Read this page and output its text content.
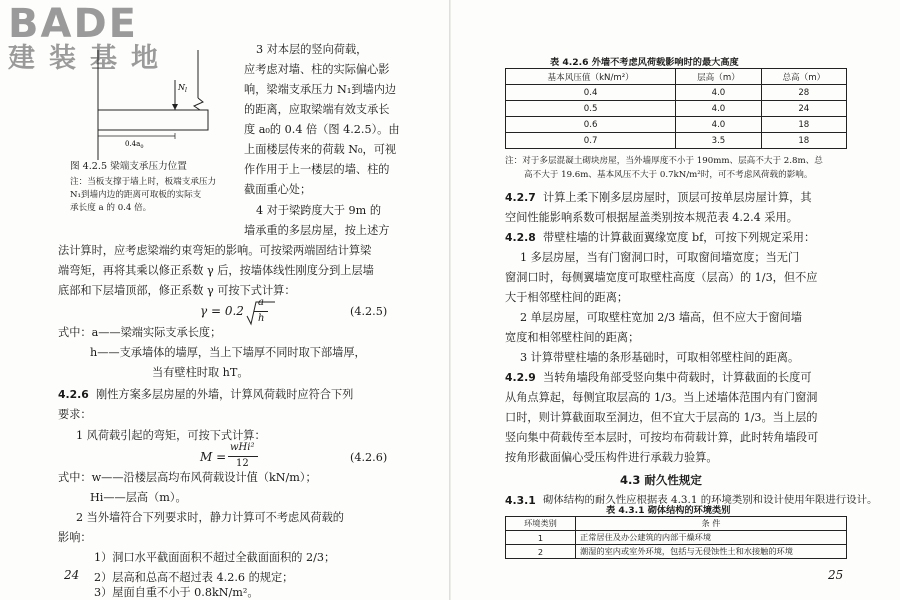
BADE
建装基地
$N_l$
$0.4a_0$
图 4.2.5 梁端支承压力位置
注：当板支撑于墙上时，板端支承压力
N₁到墙内边的距离可取板的实际支
承长度 a 的 0.4 倍。
3 对本层的竖向荷载，
应考虑对墙、柱的实际偏心影
响，梁端支承压力 N₁到墙内边
的距离，应取梁端有效支承长
度 a₀的 0.4 倍（图 4.2.5）。由
上面楼层传来的荷载 N₀，可视
作作用于上一楼层的墙、柱的
截面重心处；
4 对于梁跨度大于 9m 的
墙承重的多层房屋，按上述方
法计算时，应考虑梁端约束弯矩的影响。可按梁两端固结计算梁
端弯矩，再将其乘以修正系数 γ 后，按墙体线性刚度分到上层墙
底部和下层墙顶部，修正系数 γ 可按下式计算：
γ = 0.2
a
h
(4.2.5)
式中：a——梁端实际支承长度；
h——支承墙体的墙厚，当上下墙厚不同时取下部墙厚，
当有壁柱时取 hT。
4.2.6 刚性方案多层房屋的外墙，计算风荷载时应符合下列
要求：
1 风荷载引起的弯矩，可按下式计算：
M =
wHi²
12	(4.2.6)
式中：w——沿楼层高均布风荷载设计值（kN/m）；
Hi——层高（m）。
2 当外墙符合下列要求时，静力计算可不考虑风荷载的
影响：
1）洞口水平截面面积不超过全截面面积的 2/3；
2）层高和总高不超过表 4.2.6 的规定；
3）屋面自重不小于 0.8kN/m²。
24
表 4.2.6 外墙不考虑风荷载影响时的最大高度
基本风压值（kN/m²）	层高（m）	总高（m）
0.4	4.0	28
0.5	4.0	24
0.6	4.0	18
0.7	3.5	18
注：对于多层混凝土砌块房屋，当外墙厚度不小于 190mm、层高不大于 2.8m、总
高不大于 19.6m、基本风压不大于 0.7kN/m²时，可不考虑风荷载的影响。
4.2.7 计算上柔下刚多层房屋时，顶层可按单层房屋计算，其
空间性能影响系数可根据屋盖类别按本规范表 4.2.4 采用。
4.2.8 带壁柱墙的计算截面翼缘宽度 bf，可按下列规定采用：
1 多层房屋，当有门窗洞口时，可取窗间墙宽度；当无门
窗洞口时，每侧翼墙宽度可取壁柱高度（层高）的 1/3，但不应
大于相邻壁柱间的距离；
2 单层房屋，可取壁柱宽加 2/3 墙高，但不应大于窗间墙
宽度和相邻壁柱间的距离；
3 计算带壁柱墙的条形基础时，可取相邻壁柱间的距离。
4.2.9 当转角墙段角部受竖向集中荷载时，计算截面的长度可
从角点算起，每侧宜取层高的 1/3。当上述墙体范围内有门窗洞
口时，则计算截面取至洞边，但不宜大于层高的 1/3。当上层的
竖向集中荷载传至本层时，可按均布荷载计算，此时转角墙段可
按角形截面偏心受压构件进行承载力验算。
4.3 耐久性规定
4.3.1 砌体结构的耐久性应根据表 4.3.1 的环境类别和设计使用年限进行设计。
表 4.3.1 砌体结构的环境类别
环境类别	条 件
1	正常居住及办公建筑的内部干燥环境
2	潮湿的室内或室外环境，包括与无侵蚀性土和水接触的环境
25
